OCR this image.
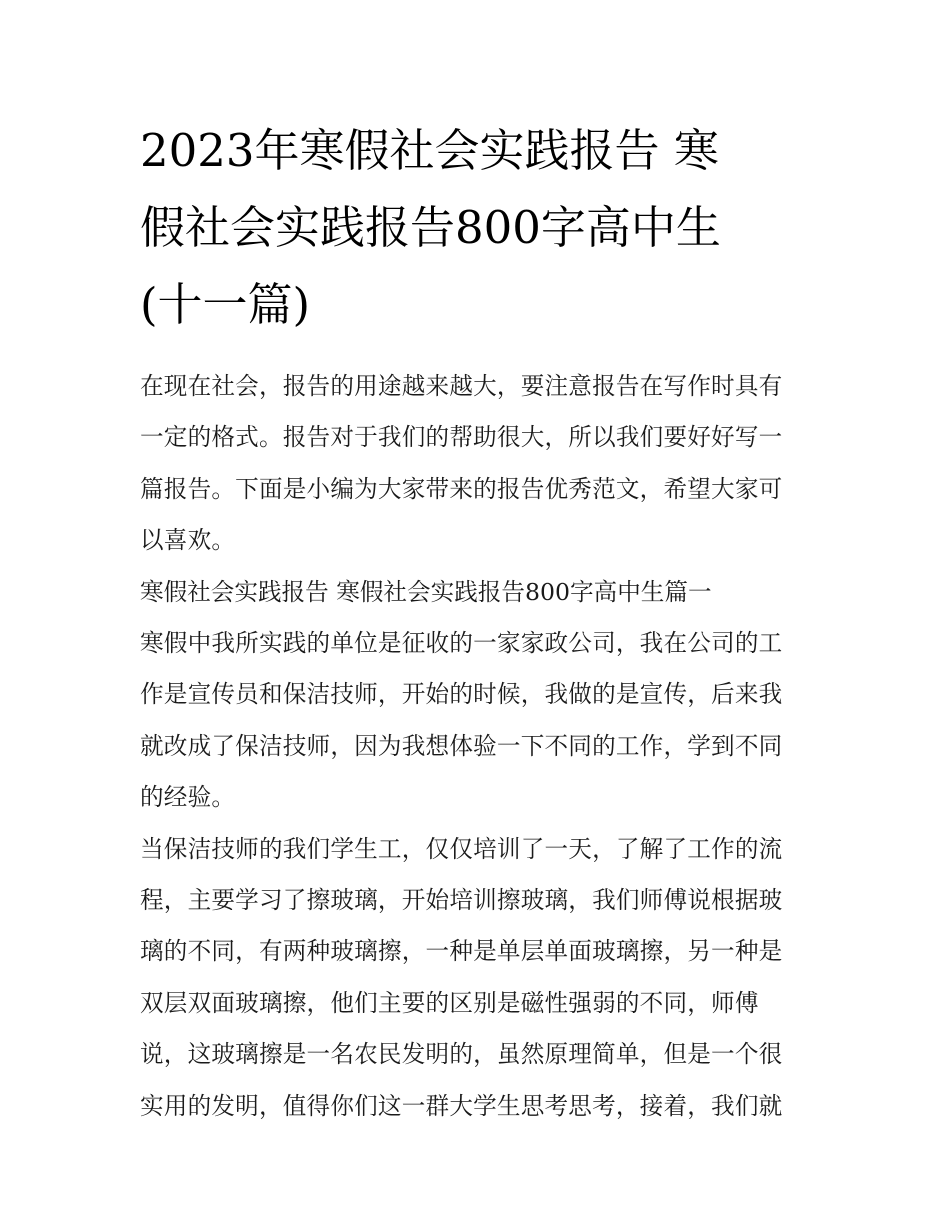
2023年寒假社会实践报告 寒
假社会实践报告800字高中生
(十一篇)

在现在社会，报告的用途越来越大，要注意报告在写作时具有
一定的格式。报告对于我们的帮助很大，所以我们要好好写一
篇报告。下面是小编为大家带来的报告优秀范文，希望大家可
以喜欢。

寒假社会实践报告 寒假社会实践报告800字高中生篇一

寒假中我所实践的单位是征收的一家家政公司，我在公司的工
作是宣传员和保洁技师，开始的时候，我做的是宣传，后来我
就改成了保洁技师，因为我想体验一下不同的工作，学到不同
的经验。

当保洁技师的我们学生工，仅仅培训了一天，了解了工作的流
程，主要学习了擦玻璃，开始培训擦玻璃，我们师傅说根据玻
璃的不同，有两种玻璃擦，一种是单层单面玻璃擦，另一种是
双层双面玻璃擦，他们主要的区别是磁性强弱的不同，师傅
说，这玻璃擦是一名农民发明的，虽然原理简单，但是一个很
实用的发明，值得你们这一群大学生思考思考，接着，我们就
